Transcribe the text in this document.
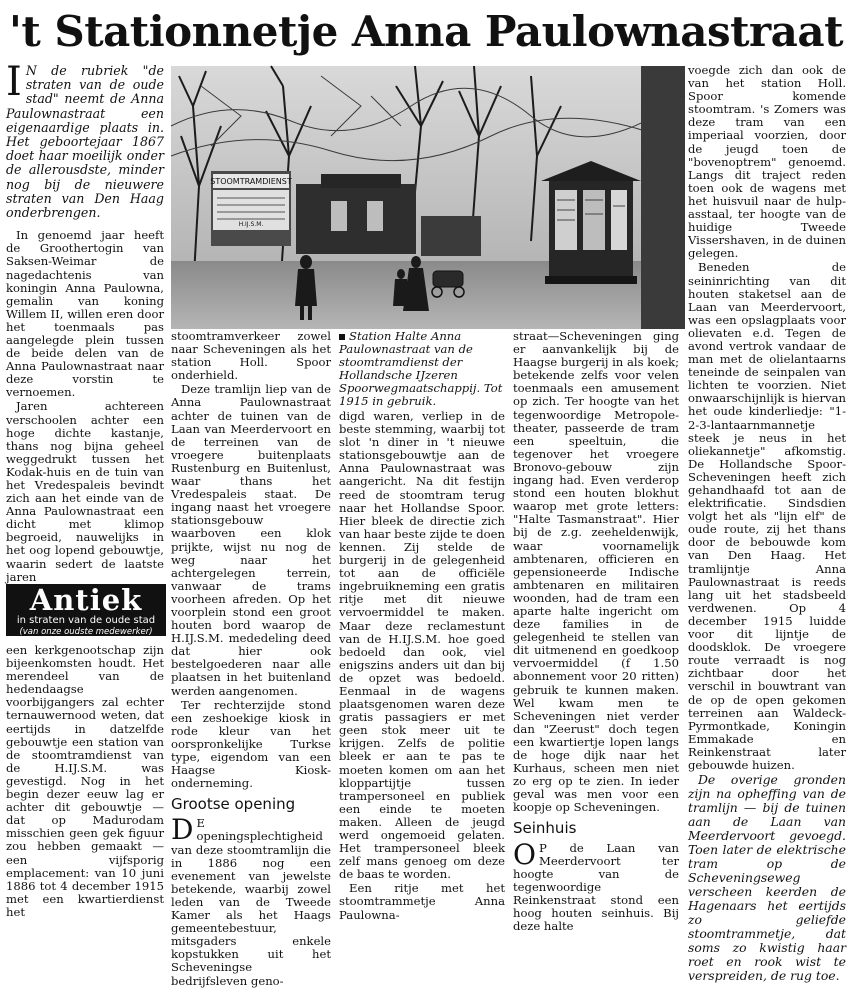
't Stationnetje Anna Paulownastraat

I N de rubriek "de straten van de oude stad" neemt de Anna Paulownastraat een eigenaardige plaats in. Het geboortejaar 1867 doet haar moeilijk onder de allerousdste, minder nog bij de nieuwere straten van Den Haag onderbrengen.

In genoemd jaar heeft de Groothertogin van Saksen-Weimar de nagedachtenis van koningin Anna Paulowna, gemalin van koning Willem II, willen eren door het toenmaals pas aangelegde plein tussen de beide delen van de Anna Paulownastraat naar deze vorstin te vernoemen.

Jaren achtereen verschoolen achter een hoge dichte kastanje, thans nog bijna geheel weggedrukt tussen het Kodak-huis en de tuin van het Vredespaleis bevindt zich aan het einde van de Anna Paulownastraat een dicht met klimop begroeid, nauwelijks in het oog lopend gebouwtje, waarin sedert de laatste jaren

Antiek
in straten van de oude stad
(van onze oudste medewerker)

een kerkgenootschap zijn bijeenkomsten houdt. Het merendeel van de hedendaagse voorbijgangers zal echter ternauwernood weten, dat eertijds in datzelfde gebouwtje een station van de stoomtramdienst van de H.IJ.S.M. was gevestigd. Nog in het begin dezer eeuw lag er achter dit gebouwtje — dat op Madurodam misschien geen gek figuur zou hebben gemaakt — een vijfsporig emplacement: van 10 juni 1886 tot 4 december 1915 met een kwartierdienst het

STOOMTRAMDIENST
H.IJ.S.M.
Station Halte Anna Paulownastraat van de stoomtramdienst der Hollandsche IJzeren Spoorwegmaatschappij. Tot 1915 in gebruik.

stoomtramverkeer zowel naar Scheveningen als het station Holl. Spoor onderhield.

Deze tramlijn liep van de Anna Paulownastraat achter de tuinen van de Laan van Meerdervoort en de terreinen van de vroegere buitenplaats Rustenburg en Buitenlust, waar thans het Vredespaleis staat. De ingang naast het vroegere stationsgebouw waarboven een klok prijkte, wijst nu nog de weg naar het achtergelegen terrein, vanwaar de trams voorheen afreden. Op het voorplein stond een groot houten bord waarop de H.IJ.S.M. mededeling deed dat hier ook bestelgoederen naar alle plaatsen in het buitenland werden aangenomen.

Ter rechterzijde stond een zeshoekige kiosk in rode kleur van het oorspronkelijke Turkse type, eigendom van een Haagse Kiosk-onderneming.

Grootse opening

D E openingsplechtigheid van deze stoomtramlijn die in 1886 nog een evenement van jewelste betekende, waarbij zowel leden van de Tweede Kamer als het Haags gemeentebestuur, mitsgaders enkele kopstukken uit het Scheveningse bedrijfsleven geno-

digd waren, verliep in de beste stemming, waarbij tot slot 'n diner in 't nieuwe stationsgebouwtje aan de Anna Paulownastraat was aangericht. Na dit festijn reed de stoomtram terug naar het Hollandse Spoor. Hier bleek de directie zich van haar beste zijde te doen kennen. Zij stelde de burgerij in de gelegenheid tot aan de officiële ingebruikneming een gratis ritje met dit nieuwe vervoermiddel te maken. Maar deze reclamestunt van de H.IJ.S.M. hoe goed bedoeld dan ook, viel enigszins anders uit dan bij de opzet was bedoeld. Eenmaal in de wagens plaatsgenomen waren deze gratis passagiers er met geen stok meer uit te krijgen. Zelfs de politie bleek er aan te pas te moeten komen om aan het kloppartijtje tussen trampersoneel en publiek een einde te moeten maken. Alleen de jeugd werd ongemoeid gelaten. Het trampersoneel bleek zelf mans genoeg om deze de baas te worden.

Een ritje met het stoomtrammetje Anna Paulowna-

straat—Scheveningen ging er aanvankelijk bij de Haagse burgerij in als koek; betekende zelfs voor velen toenmaals een amusement op zich. Ter hoogte van het tegenwoordige Metropole-theater, passeerde de tram een speeltuin, die tegenover het vroegere Bronovo-gebouw zijn ingang had. Even verderop stond een houten blokhut waarop met grote letters: "Halte Tasmanstraat". Hier bij de z.g. zeeheldenwijk, waar voornamelijk ambtenaren, officieren en gepensioneerde Indische ambtenaren en militairen woonden, had de tram een aparte halte ingericht om deze families in de gelegenheid te stellen van dit uitmenend en goedkoop vervoermiddel (f 1.50 abonnement voor 20 ritten) gebruik te kunnen maken. Wel kwam men te Scheveningen niet verder dan "Zeerust" doch tegen een kwartiertje lopen langs de hoge dijk naar het Kurhaus, scheen men niet zo erg op te zien. In ieder geval was men voor een koopje op Scheveningen.

Seinhuis

O P de Laan van Meerdervoort ter hoogte van de tegenwoordige Reinkenstraat stond een hoog houten seinhuis. Bij deze halte

voegde zich dan ook de van het station Holl. Spoor komende stoomtram. 's Zomers was deze tram van een imperiaal voorzien, door de jeugd toen de "bovenoptrem" genoemd. Langs dit traject reden toen ook de wagens met het huisvuil naar de hulp-asstaal, ter hoogte van de huidige Tweede Vissershaven, in de duinen gelegen.

Beneden de seininrichting van dit houten staketsel aan de Laan van Meerdervoort, was een opslagplaats voor olievaten e.d. Tegen de avond vertrok vandaar de man met de olielantaarns teneinde de seinpalen van lichten te voorzien. Niet onwaarschijnlijk is hiervan het oude kinderliedje: "1-2-3-lantaarnmannetje steek je neus in het oliekannetje" afkomstig. De Hollandsche Spoor-Scheveningen heeft zich gehandhaafd tot aan de elektrificatie. Sindsdien volgt het als "lijn elf" de oude route, zij het thans door de bebouwde kom van Den Haag. Het tramlijntje Anna Paulownastraat is reeds lang uit het stadsbeeld verdwenen. Op 4 december 1915 luidde voor dit lijntje de doodsklok. De vroegere route verraadt is nog zichtbaar door het verschil in bouwtrant van de op de open gekomen terreinen aan Waldeck-Pyrmontkade, Koningin Emmakade en Reinkenstraat later gebouwde huizen.

De overige gronden zijn na opheffing van de tramlijn — bij de tuinen aan de Laan van Meerdervoort gevoegd. Toen later de elektrische tram op de Scheveningseweg verscheen keerden de Hagenaars het eertijds zo geliefde stoomtrammetje, dat soms zo kwistig haar roet en rook wist te verspreiden, de rug toe.
